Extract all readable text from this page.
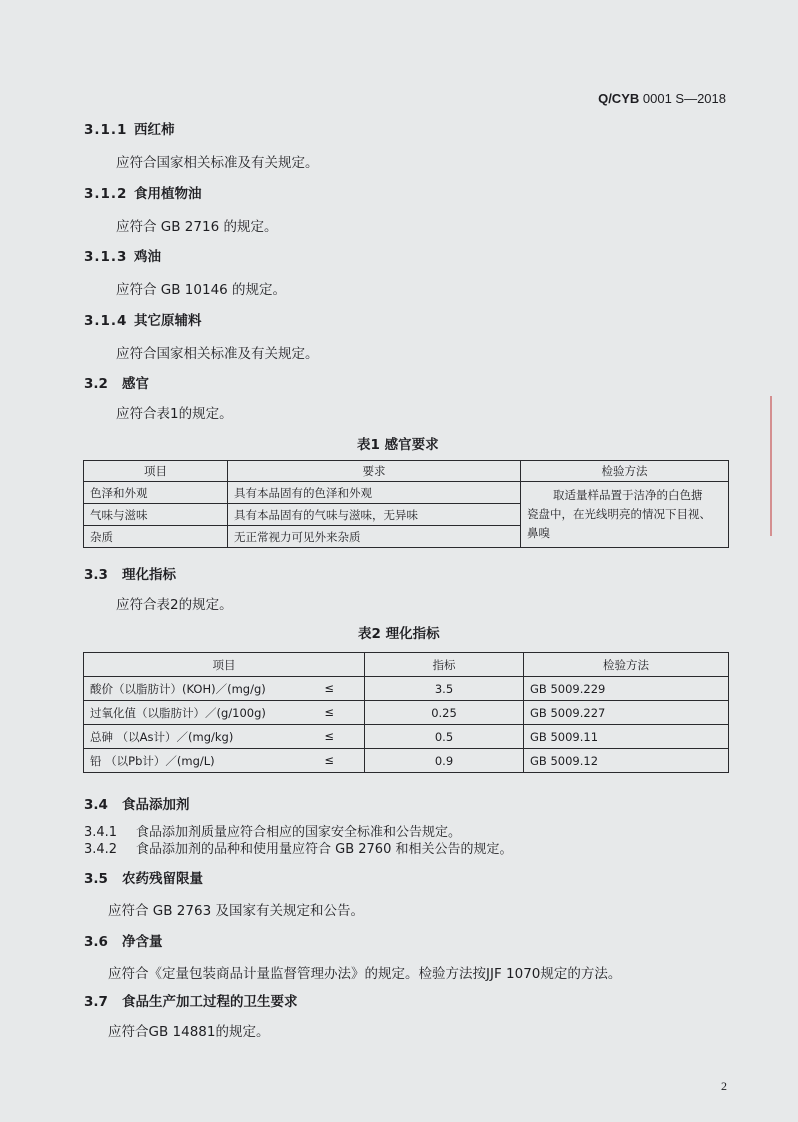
Q/CYB 0001 S—2018
3.1.1 西红柿
应符合国家相关标准及有关规定。
3.1.2 食用植物油
应符合 GB 2716 的规定。
3.1.3 鸡油
应符合 GB 10146 的规定。
3.1.4 其它原辅料
应符合国家相关标准及有关规定。
3.2 感官
应符合表1的规定。
表1 感官要求
项目	要求	检验方法
色泽和外观	具有本品固有的色泽和外观	取适量样品置于洁净的白色搪
瓷盘中，在光线明亮的情况下目视、
鼻嗅

气味与滋味	具有本品固有的气味与滋味，无异味	
杂质	无正常视力可见外来杂质	
3.3 理化指标
应符合表2的规定。
表2 理化指标
项目	指标	检验方法
酸价（以脂肪计）(KOH)／(mg/g) ≤	3.5	GB 5009.229
过氧化值（以脂肪计）／(g/100g) ≤	0.25	GB 5009.227
总砷 （以As计）／(mg/kg) ≤	0.5	GB 5009.11
铅 （以Pb计）／(mg/L) ≤	0.9	GB 5009.12
3.4 食品添加剂
3.4.1 食品添加剂质量应符合相应的国家安全标准和公告规定。
3.4.2 食品添加剂的品种和使用量应符合 GB 2760 和相关公告的规定。
3.5 农药残留限量
应符合 GB 2763 及国家有关规定和公告。
3.6 净含量
应符合《定量包装商品计量监督管理办法》的规定。检验方法按JJF 1070规定的方法。
3.7 食品生产加工过程的卫生要求
应符合GB 14881的规定。
2
